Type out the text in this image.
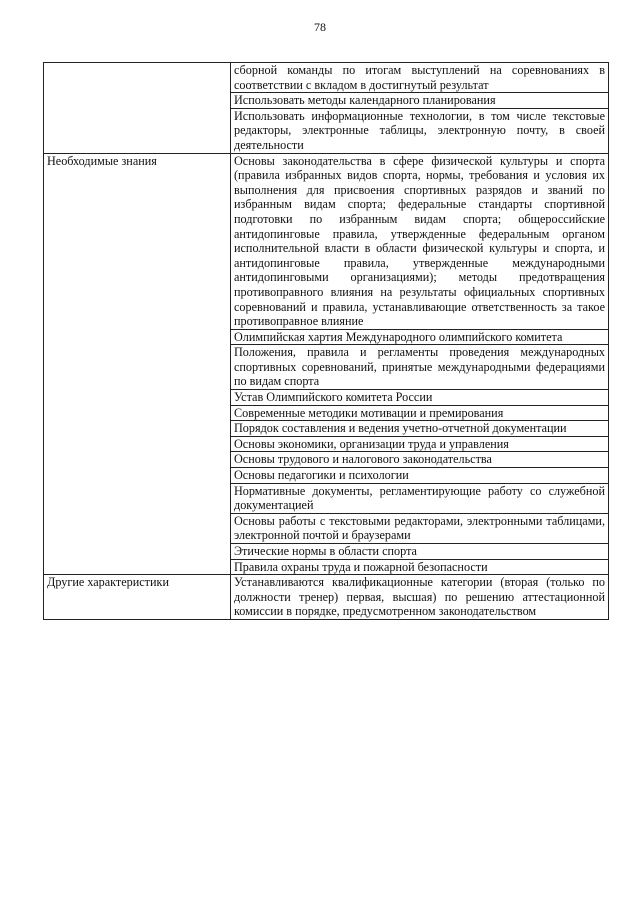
78
	сборной команды по итогам выступлений на соревнованиях в соответствии с вкладом в достигнутый результат
	Использовать методы календарного планирования
	Использовать информационные технологии, в том числе текстовые редакторы, электронные таблицы, электронную почту, в своей деятельности
Необходимые знания	Основы законодательства в сфере физической культуры и спорта (правила избранных видов спорта, нормы, требования и условия их выполнения для присвоения спортивных разрядов и званий по избранным видам спорта; федеральные стандарты спортивной подготовки по избранным видам спорта; общероссийские антидопинговые правила, утвержденные федеральным органом исполнительной власти в области физической культуры и спорта, и антидопинговые правила, утвержденные международными антидопинговыми организациями); методы предотвращения противоправного влияния на результаты официальных спортивных соревнований и правила, устанавливающие ответственность за такое противоправное влияние
	Олимпийская хартия Международного олимпийского комитета
	Положения, правила и регламенты проведения международных спортивных соревнований, принятые международными федерациями по видам спорта
	Устав Олимпийского комитета России
	Современные методики мотивации и премирования
	Порядок составления и ведения учетно-отчетной документации
	Основы экономики, организации труда и управления
	Основы трудового и налогового законодательства
	Основы педагогики и психологии
	Нормативные документы, регламентирующие работу со служебной документацией
	Основы работы с текстовыми редакторами, электронными таблицами, электронной почтой и браузерами
	Этические нормы в области спорта
	Правила охраны труда и пожарной безопасности
Другие характеристики	Устанавливаются квалификационные категории (вторая (только по должности тренер) первая, высшая) по решению аттестационной комиссии в порядке, предусмотренном законодательством
